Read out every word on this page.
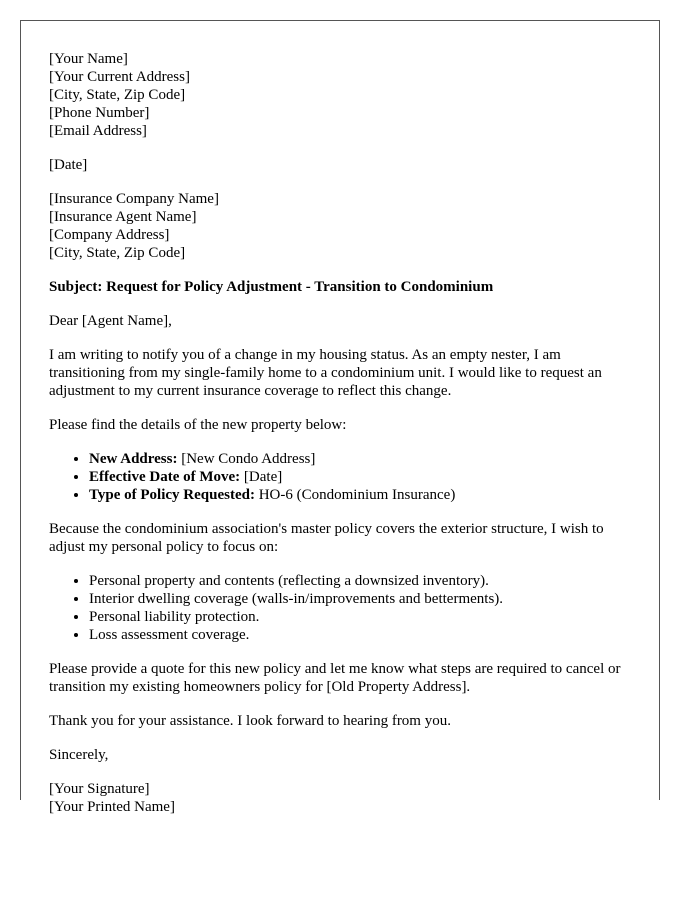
[Your Name]
[Your Current Address]
[City, State, Zip Code]
[Phone Number]
[Email Address]
[Date]
[Insurance Company Name]
[Insurance Agent Name]
[Company Address]
[City, State, Zip Code]
Subject: Request for Policy Adjustment - Transition to Condominium

Dear [Agent Name],

I am writing to notify you of a change in my housing status. As an empty nester, I am transitioning from my single-family home to a condominium unit. I would like to request an adjustment to my current insurance coverage to reflect this change.

Please find the details of the new property below:

• New Address: [New Condo Address]
• Effective Date of Move: [Date]
• Type of Policy Requested: HO-6 (Condominium Insurance)

Because the condominium association's master policy covers the exterior structure, I wish to adjust my personal policy to focus on:

• Personal property and contents (reflecting a downsized inventory).
• Interior dwelling coverage (walls-in/improvements and betterments).
• Personal liability protection.
• Loss assessment coverage.

Please provide a quote for this new policy and let me know what steps are required to cancel or transition my existing homeowners policy for [Old Property Address].

Thank you for your assistance. I look forward to hearing from you.

Sincerely,

[Your Signature]
[Your Printed Name]
